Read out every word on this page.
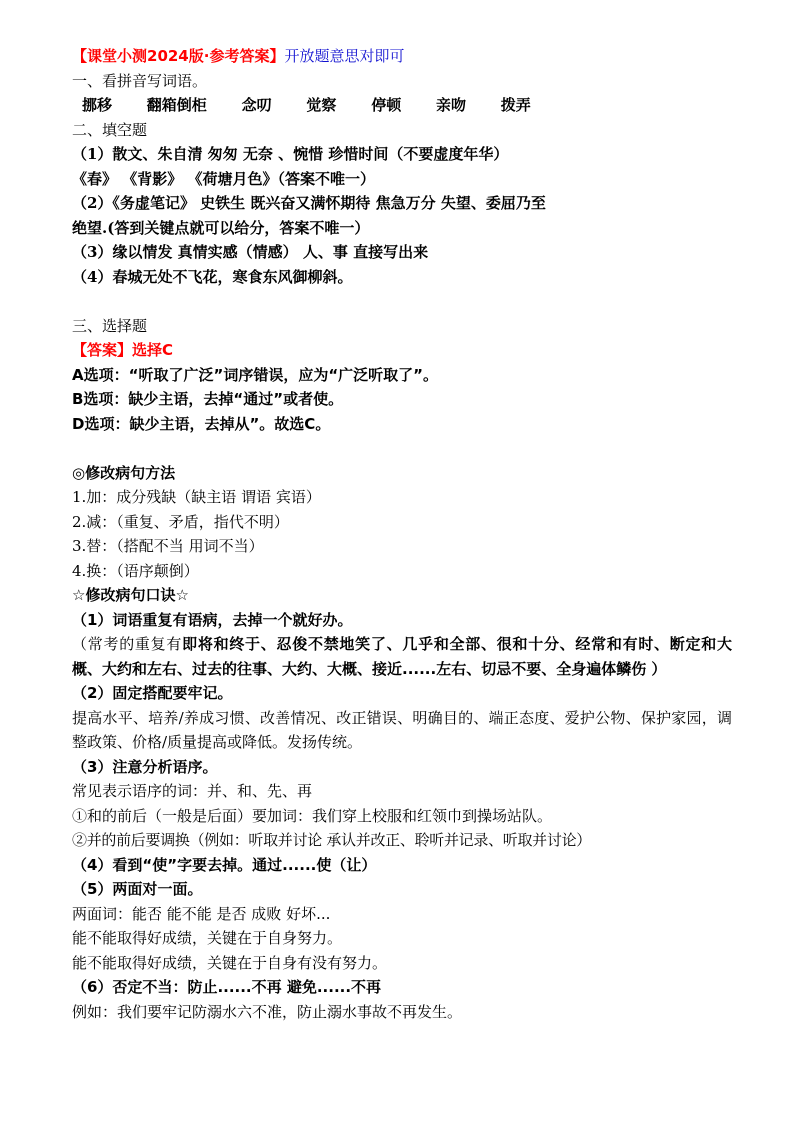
【课堂小测2024版·参考答案】开放题意思对即可

一、看拼音写词语。

挪移 翻箱倒柜 念叨 觉察 停顿 亲吻 拨弄

二、填空题

（1）散文、朱自清 匆匆 无奈 、惋惜 珍惜时间（不要虚度年华）

《春》 《背影》 《荷塘月色》（答案不唯一）

（2）《务虚笔记》 史铁生 既兴奋又满怀期待 焦急万分 失望、委屈乃至

绝望.(答到关键点就可以给分，答案不唯一）

（3）缘以情发 真情实感（情感） 人、事 直接写出来

（4）春城无处不飞花，寒食东风御柳斜。

三、选择题

【答案】选择C

A选项：“听取了广泛”词序错误，应为“广泛听取了”。

B选项：缺少主语，去掉“通过”或者使。

D选项：缺少主语，去掉从”。故选C。

◎修改病句方法

1.加：成分残缺（缺主语 谓语 宾语）

2.减：（重复、矛盾，指代不明）

3.替：（搭配不当 用词不当）

4.换：（语序颠倒）

☆修改病句口诀☆

（1）词语重复有语病，去掉一个就好办。

（常考的重复有即将和终于、忍俊不禁地笑了、几乎和全部、很和十分、经常和有时、断定和大概、大约和左右、过去的往事、大约、大概、接近......左右、切忌不要、全身遍体鳞伤 ）

（2）固定搭配要牢记。

提高水平、培养/养成习惯、改善情况、改正错误、明确目的、端正态度、爱护公物、保护家园，调整政策、价格/质量提高或降低。发扬传统。

（3）注意分析语序。

常见表示语序的词：并、和、先、再

①和的前后（一般是后面）要加词：我们穿上校服和红领巾到操场站队。

②并的前后要调换（例如：听取并讨论 承认并改正、聆听并记录、听取并讨论）

（4）看到“使”字要去掉。通过......使（让）

（5）两面对一面。

两面词：能否 能不能 是否 成败 好坏...

能不能取得好成绩，关键在于自身努力。

能不能取得好成绩，关键在于自身有没有努力。

（6）否定不当：防止......不再 避免......不再

例如：我们要牢记防溺水六不准，防止溺水事故不再发生。
